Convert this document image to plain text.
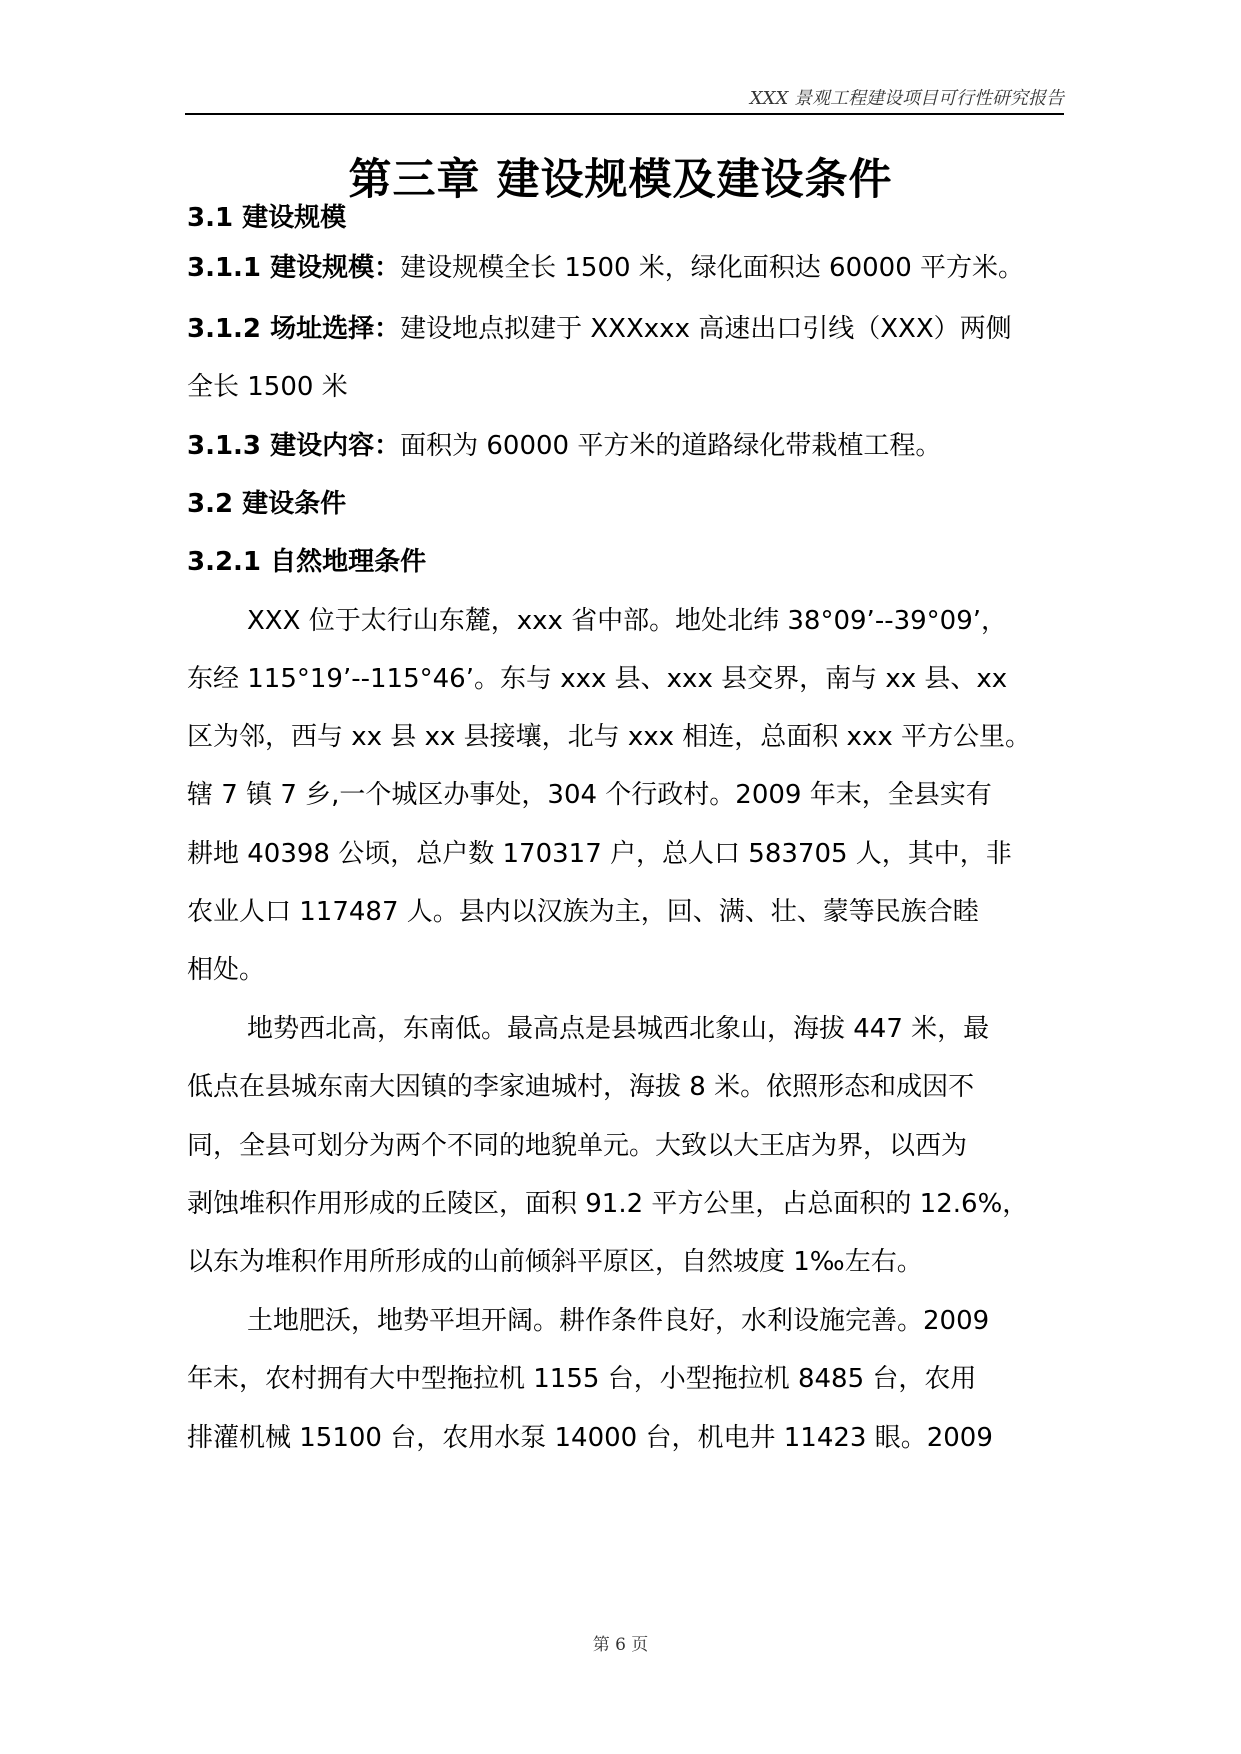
XXX 景观工程建设项目可行性研究报告
第三章 建设规模及建设条件
3.1 建设规模
3.1.1 建设规模：建设规模全长 1500 米，绿化面积达 60000 平方米。
3.1.2 场址选择：建设地点拟建于 XXXxxx 高速出口引线（XXX）两侧
全长 1500 米
3.1.3 建设内容：面积为 60000 平方米的道路绿化带栽植工程。
3.2 建设条件
3.2.1 自然地理条件
XXX 位于太行山东麓，xxx 省中部。地处北纬 38°09’--39°09’，
东经 115°19’--115°46’。东与 xxx 县、xxx 县交界，南与 xx 县、xx
区为邻，西与 xx 县 xx 县接壤，北与 xxx 相连，总面积 xxx 平方公里。
辖 7 镇 7 乡,一个城区办事处，304 个行政村。2009 年末，全县实有
耕地 40398 公顷，总户数 170317 户，总人口 583705 人，其中，非
农业人口 117487 人。县内以汉族为主，回、满、壮、蒙等民族合睦
相处。
地势西北高，东南低。最高点是县城西北象山，海拔 447 米，最
低点在县城东南大因镇的李家迪城村，海拔 8 米。依照形态和成因不
同，全县可划分为两个不同的地貌单元。大致以大王店为界，以西为
剥蚀堆积作用形成的丘陵区，面积 91.2 平方公里，占总面积的 12.6%，
以东为堆积作用所形成的山前倾斜平原区，自然坡度 1‰左右。
土地肥沃，地势平坦开阔。耕作条件良好，水利设施完善。2009
年末，农村拥有大中型拖拉机 1155 台，小型拖拉机 8485 台，农用
排灌机械 15100 台，农用水泵 14000 台，机电井 11423 眼。2009
第 6 页
